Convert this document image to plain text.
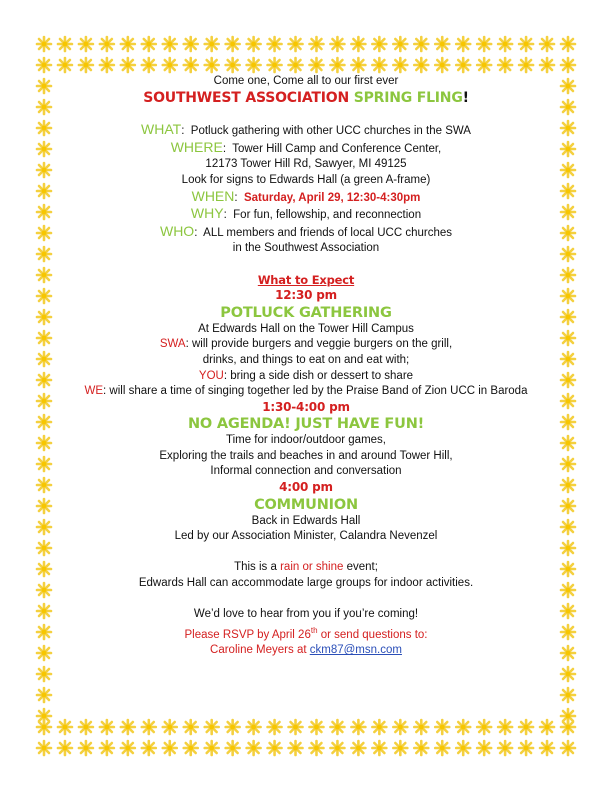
Come one, Come all to our first ever
SOUTHWEST ASSOCIATION SPRING FLING!
WHAT:  Potluck gathering with other UCC churches in the SWA
WHERE:  Tower Hill Camp and Conference Center,
12173 Tower Hill Rd, Sawyer, MI 49125
Look for signs to Edwards Hall (a green A-frame)
WHEN:  Saturday, April 29, 12:30-4:30pm
WHY:  For fun, fellowship, and reconnection
WHO:  ALL members and friends of local UCC churches
in the Southwest Association
What to Expect
12:30 pm
POTLUCK GATHERING
At Edwards Hall on the Tower Hill Campus
SWA: will provide burgers and veggie burgers on the grill,
drinks, and things to eat on and eat with;
YOU: bring a side dish or dessert to share
WE: will share a time of singing together led by the Praise Band of Zion UCC in Baroda
1:30-4:00 pm
NO AGENDA! JUST HAVE FUN!
Time for indoor/outdoor games,
Exploring the trails and beaches in and around Tower Hill,
Informal connection and conversation
4:00 pm
COMMUNION
Back in Edwards Hall
Led by our Association Minister, Calandra Nevenzel
This is a rain or shine event;
Edwards Hall can accommodate large groups for indoor activities.
We’d love to hear from you if you’re coming!
Please RSVP by April 26th or send questions to:
Caroline Meyers at ckm87@msn.com
